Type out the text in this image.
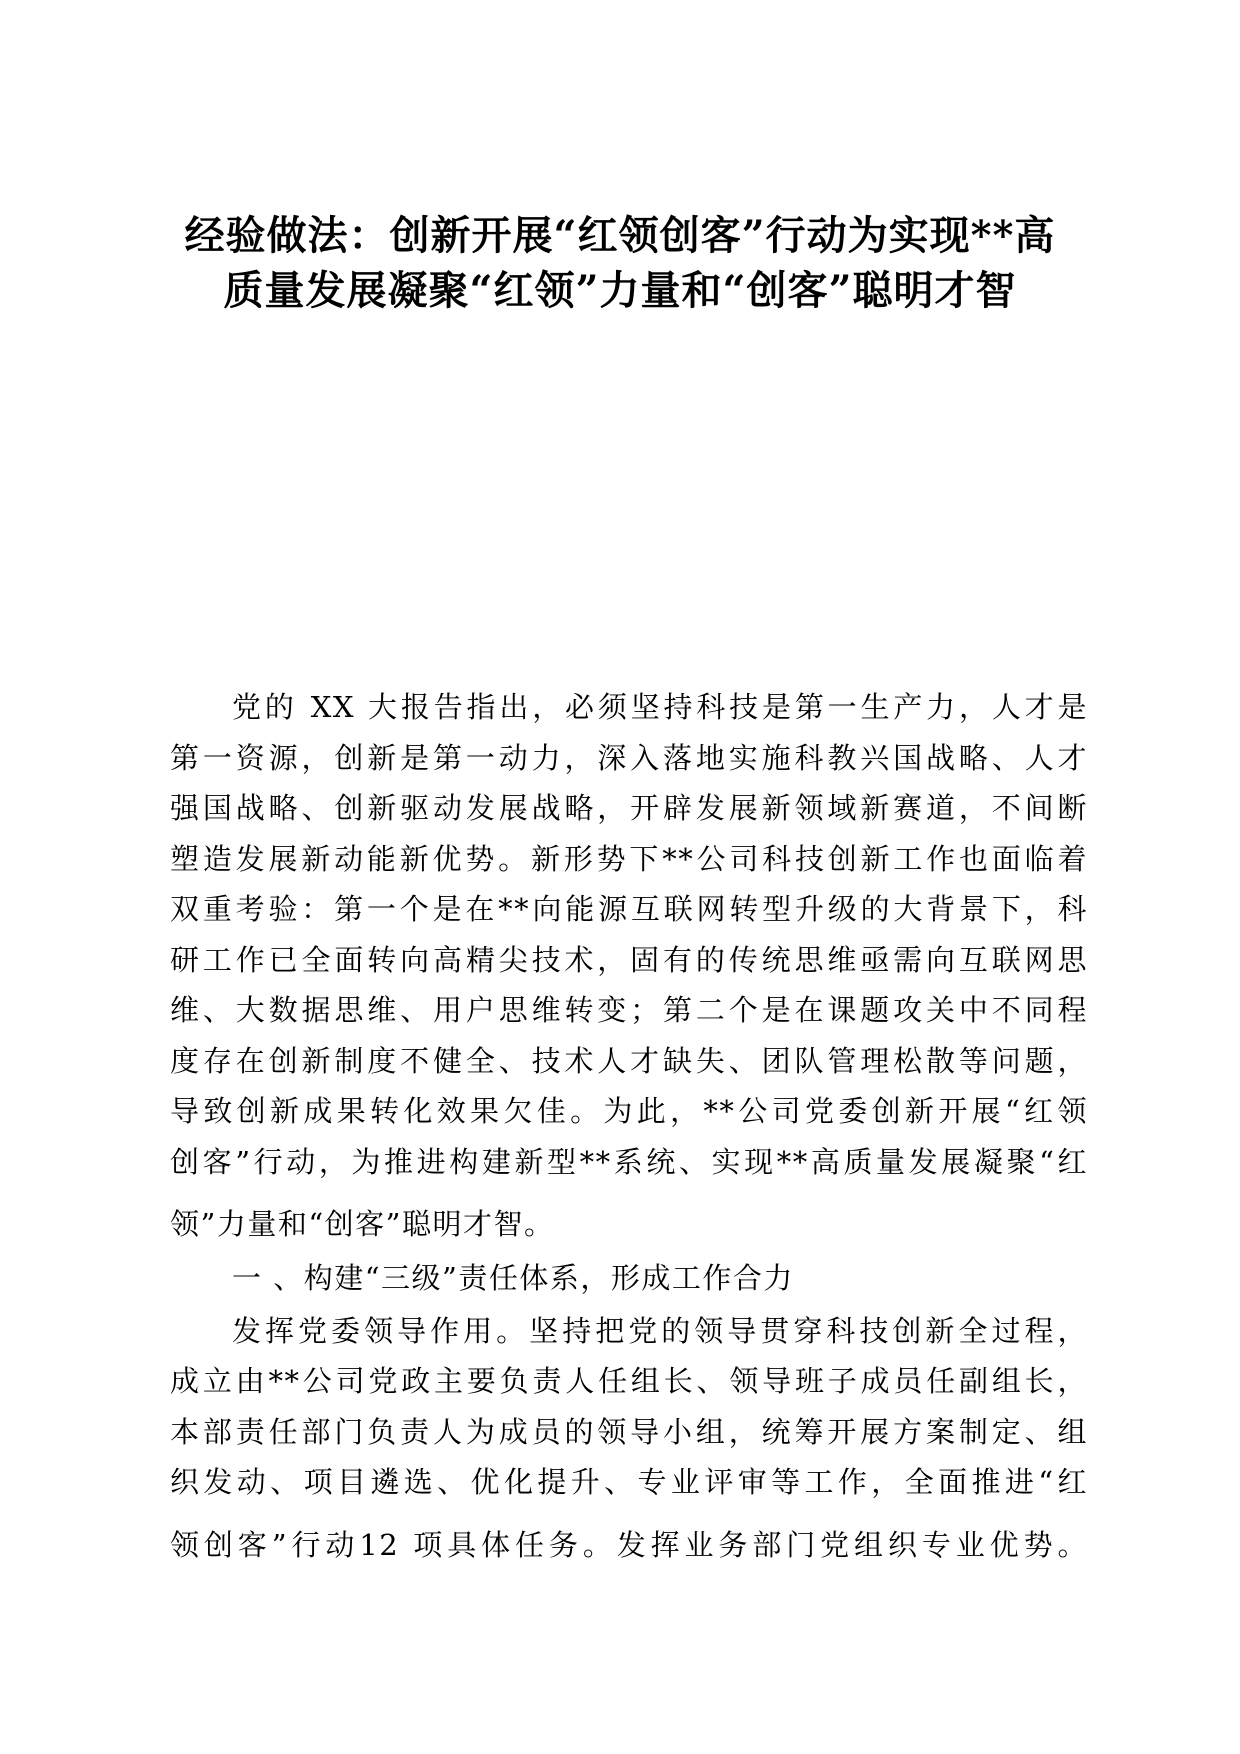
经验做法：创新开展“红领创客”行动为实现**高
质量发展凝聚“红领”力量和“创客”聪明才智
党的 XX 大报告指出，必须坚持科技是第一生产力，人才是
第一资源，创新是第一动力，深入落地实施科教兴国战略、人才
强国战略、创新驱动发展战略，开辟发展新领域新赛道，不间断
塑造发展新动能新优势。新形势下**公司科技创新工作也面临着
双重考验：第一个是在**向能源互联网转型升级的大背景下，科
研工作已全面转向高精尖技术，固有的传统思维亟需向互联网思
维、大数据思维、用户思维转变；第二个是在课题攻关中不同程
度存在创新制度不健全、技术人才缺失、团队管理松散等问题，
导致创新成果转化效果欠佳。为此，**公司党委创新开展“红领
创客”行动，为推进构建新型**系统、实现**高质量发展凝聚“红
领”力量和“创客”聪明才智。
一 、构建“三级”责任体系，形成工作合力
发挥党委领导作用。坚持把党的领导贯穿科技创新全过程，
成立由**公司党政主要负责人任组长、领导班子成员任副组长，
本部责任部门负责人为成员的领导小组，统筹开展方案制定、组
织发动、项目遴选、优化提升、专业评审等工作，全面推进“红
领创客”行动12 项具体任务。发挥业务部门党组织专业优势。
